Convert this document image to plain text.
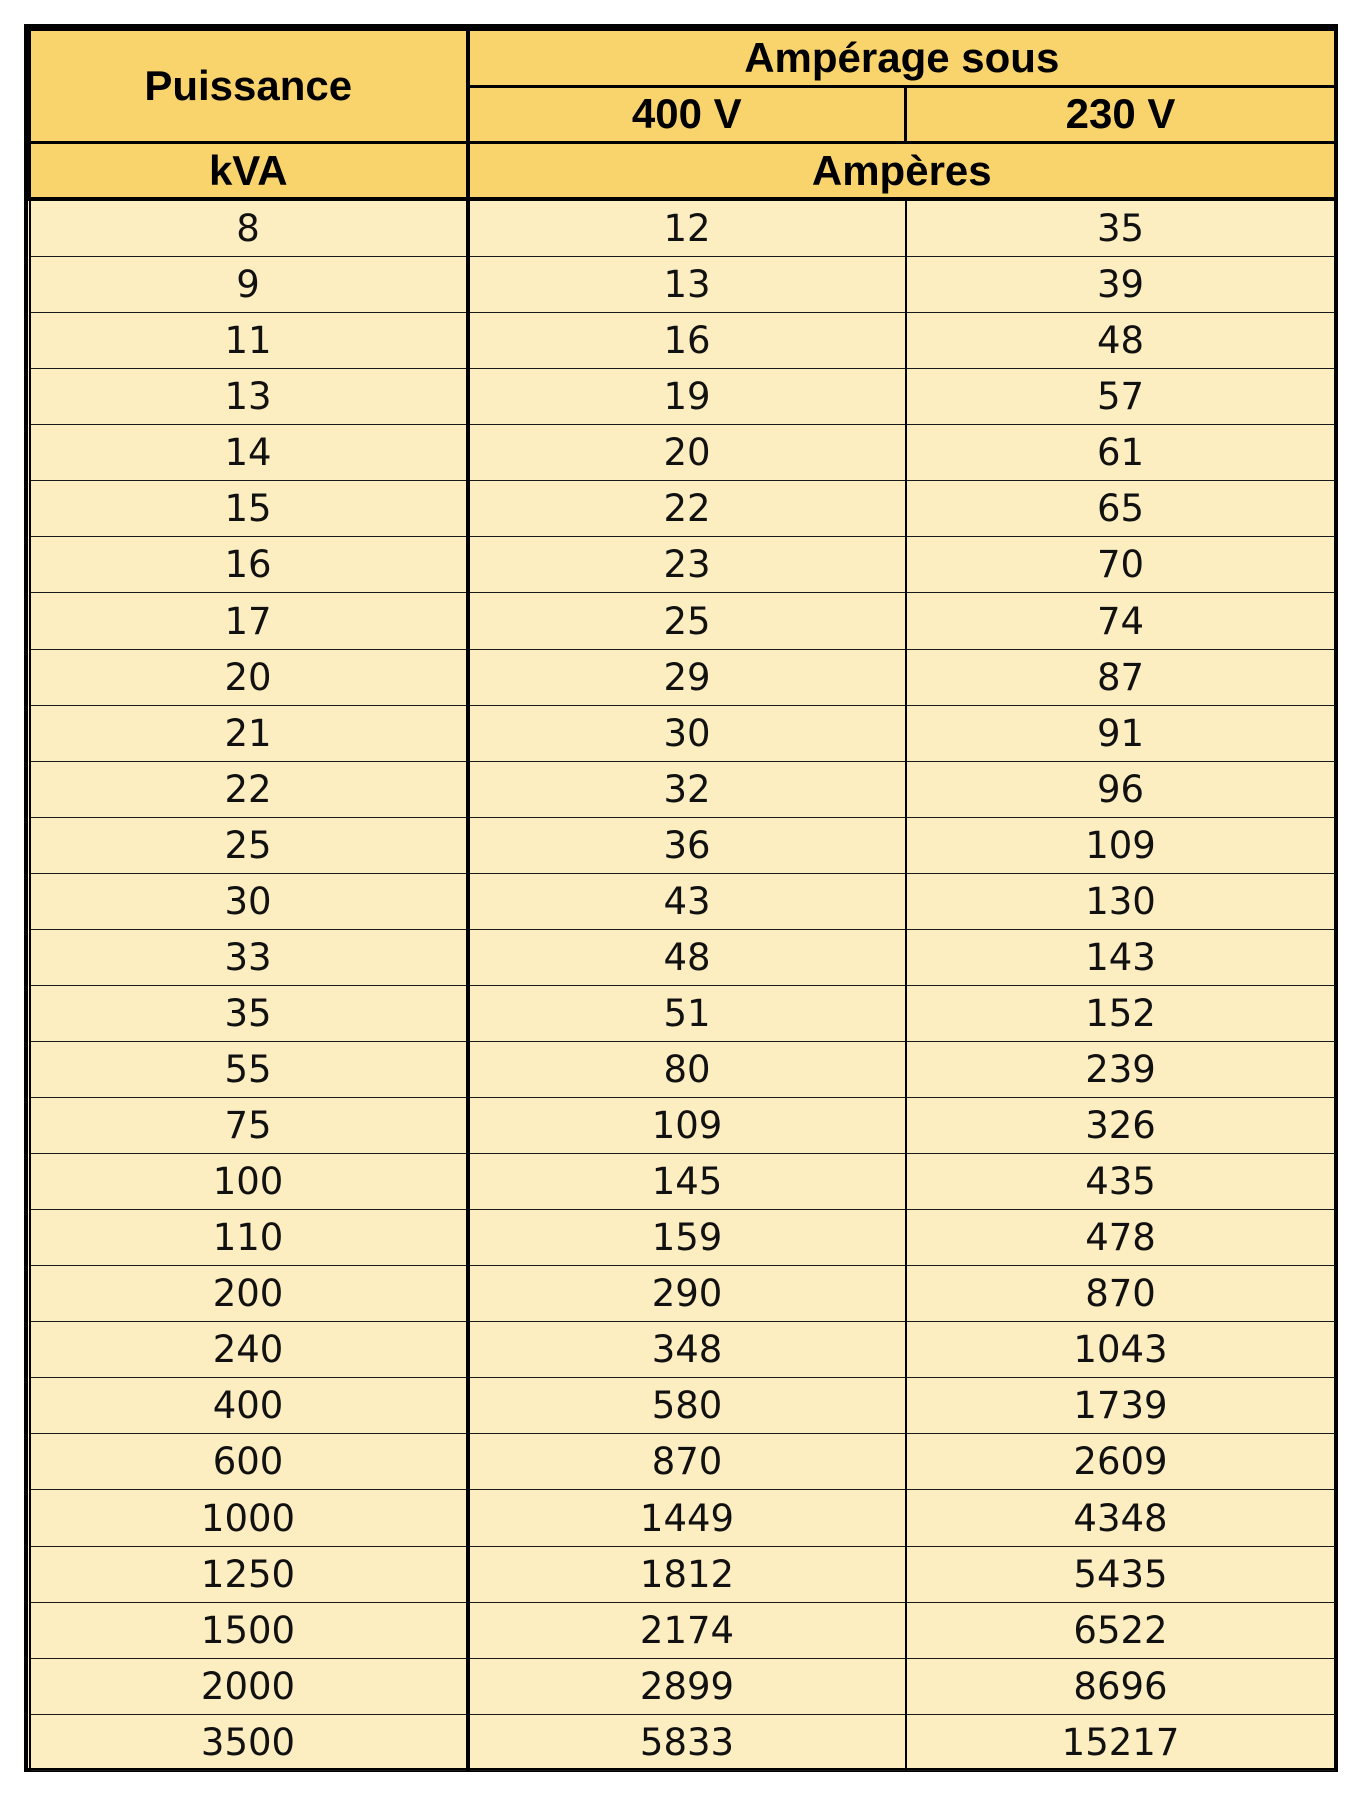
Puissance	Ampérage sous	
	400 V	230 V
kVA	Ampères	
8	12	35
9	13	39
11	16	48
13	19	57
14	20	61
15	22	65
16	23	70
17	25	74
20	29	87
21	30	91
22	32	96
25	36	109
30	43	130
33	48	143
35	51	152
55	80	239
75	109	326
100	145	435
110	159	478
200	290	870
240	348	1043
400	580	1739
600	870	2609
1000	1449	4348
1250	1812	5435
1500	2174	6522
2000	2899	8696
3500	5833	15217
